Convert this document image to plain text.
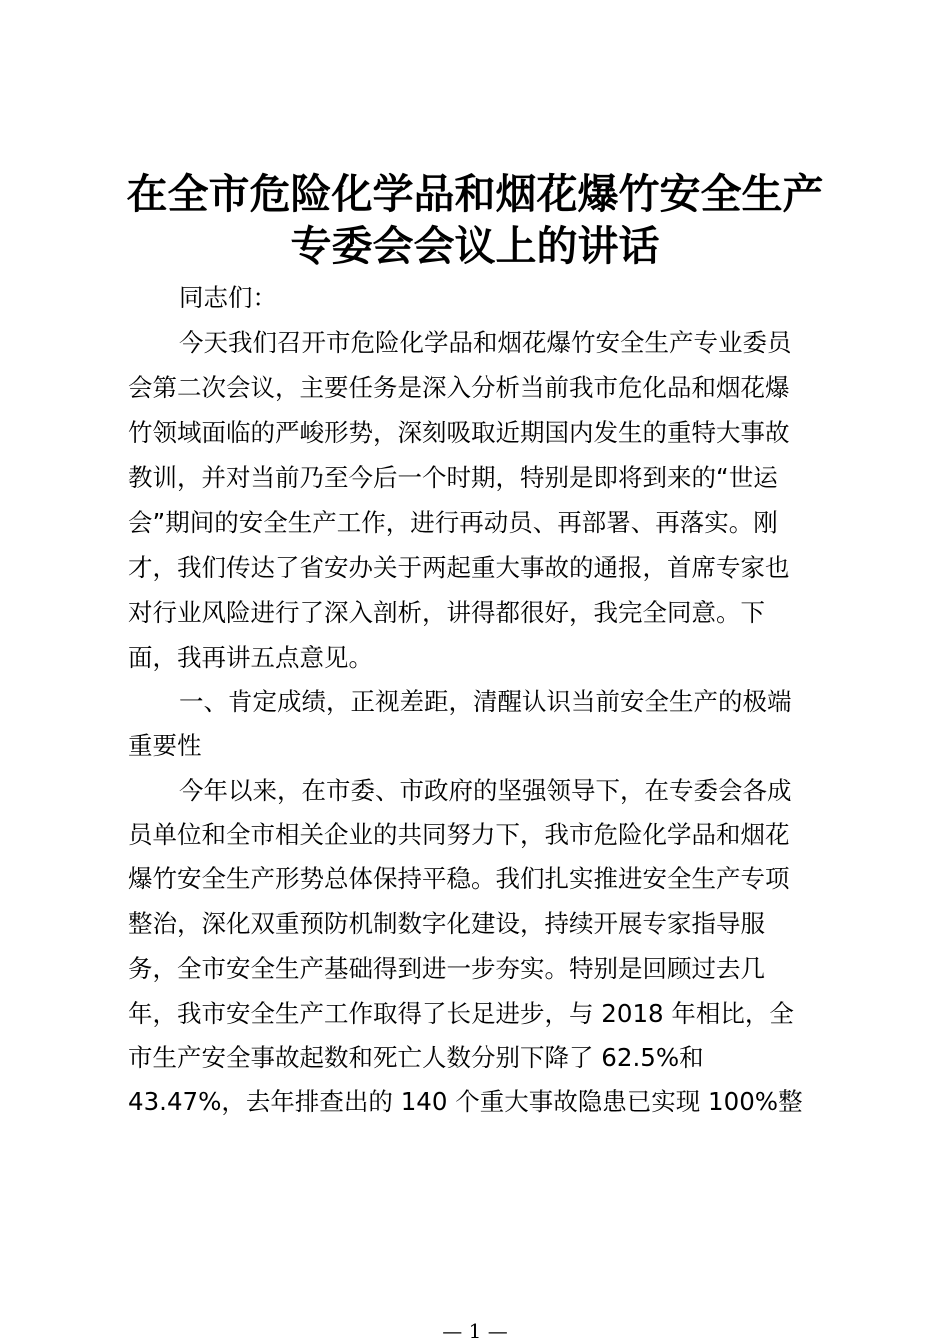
在全市危险化学品和烟花爆竹安全生产
专委会会议上的讲话
同志们：
今天我们召开市危险化学品和烟花爆竹安全生产专业委员
会第二次会议，主要任务是深入分析当前我市危化品和烟花爆
竹领域面临的严峻形势，深刻吸取近期国内发生的重特大事故
教训，并对当前乃至今后一个时期，特别是即将到来的“世运
会”期间的安全生产工作，进行再动员、再部署、再落实。刚
才，我们传达了省安办关于两起重大事故的通报，首席专家也
对行业风险进行了深入剖析，讲得都很好，我完全同意。下
面，我再讲五点意见。
一、肯定成绩，正视差距，清醒认识当前安全生产的极端
重要性
今年以来，在市委、市政府的坚强领导下，在专委会各成
员单位和全市相关企业的共同努力下，我市危险化学品和烟花
爆竹安全生产形势总体保持平稳。我们扎实推进安全生产专项
整治，深化双重预防机制数字化建设，持续开展专家指导服
务，全市安全生产基础得到进一步夯实。特别是回顾过去几
年，我市安全生产工作取得了长足进步，与 2018 年相比，全
市生产安全事故起数和死亡人数分别下降了 62.5%和
43.47%，去年排查出的 140 个重大事故隐患已实现 100%整
— 1 —
